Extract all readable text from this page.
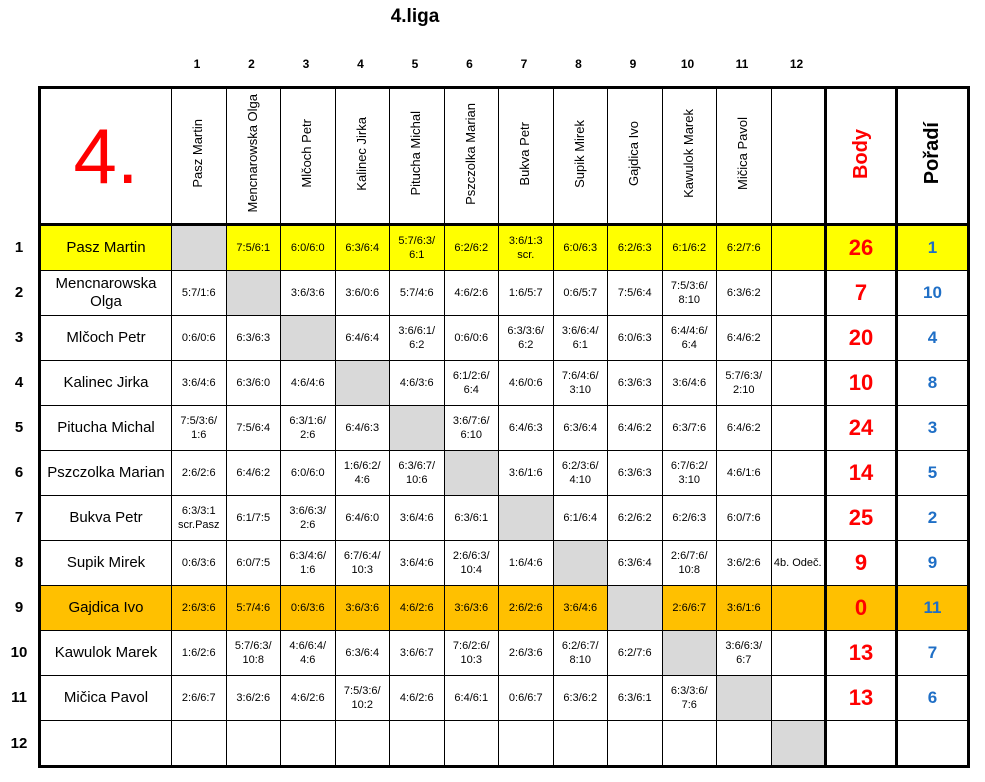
4.liga
1	2	3	4	5	6	7	8	9	10	11	12
1
2
3
4
5
6
7
8
9
10
11
12
4.	Pasz Martin	Mencnarowska Olga	Mlčoch Petr	Kalinec Jirka	Pitucha Michal	Pszczolka Marian	Bukva Petr	Supik Mirek	Gajdica Ivo	Kawulok Marek	Mičica Pavol		Body	Pořadí
Pasz Martin		7:5/6:1	6:0/6:0	6:3/6:4	5:7/6:3/ 6:1	6:2/6:2	3:6/1:3 scr.	6:0/6:3	6:2/6:3	6:1/6:2	6:2/7:6		26	1
Mencnarowska Olga	5:7/1:6		3:6/3:6	3:6/0:6	5:7/4:6	4:6/2:6	1:6/5:7	0:6/5:7	7:5/6:4	7:5/3:6/ 8:10	6:3/6:2		7	10
Mlčoch Petr	0:6/0:6	6:3/6:3		6:4/6:4	3:6/6:1/ 6:2	0:6/0:6	6:3/3:6/ 6:2	3:6/6:4/ 6:1	6:0/6:3	6:4/4:6/ 6:4	6:4/6:2		20	4
Kalinec Jirka	3:6/4:6	6:3/6:0	4:6/4:6		4:6/3:6	6:1/2:6/ 6:4	4:6/0:6	7:6/4:6/ 3:10	6:3/6:3	3:6/4:6	5:7/6:3/ 2:10		10	8
Pitucha Michal	7:5/3:6/ 1:6	7:5/6:4	6:3/1:6/ 2:6	6:4/6:3		3:6/7:6/ 6:10	6:4/6:3	6:3/6:4	6:4/6:2	6:3/7:6	6:4/6:2		24	3
Pszczolka Marian	2:6/2:6	6:4/6:2	6:0/6:0	1:6/6:2/ 4:6	6:3/6:7/ 10:6		3:6/1:6	6:2/3:6/ 4:10	6:3/6:3	6:7/6:2/ 3:10	4:6/1:6		14	5
Bukva Petr	6:3/3:1 scr.Pasz	6:1/7:5	3:6/6:3/ 2:6	6:4/6:0	3:6/4:6	6:3/6:1		6:1/6:4	6:2/6:2	6:2/6:3	6:0/7:6		25	2
Supik Mirek	0:6/3:6	6:0/7:5	6:3/4:6/ 1:6	6:7/6:4/ 10:3	3:6/4:6	2:6/6:3/ 10:4	1:6/4:6		6:3/6:4	2:6/7:6/ 10:8	3:6/2:6	4b. Odeč.	9	9
Gajdica Ivo	2:6/3:6	5:7/4:6	0:6/3:6	3:6/3:6	4:6/2:6	3:6/3:6	2:6/2:6	3:6/4:6		2:6/6:7	3:6/1:6		0	11
Kawulok Marek	1:6/2:6	5:7/6:3/ 10:8	4:6/6:4/ 4:6	6:3/6:4	3:6/6:7	7:6/2:6/ 10:3	2:6/3:6	6:2/6:7/ 8:10	6:2/7:6		3:6/6:3/ 6:7		13	7
Mičica Pavol	2:6/6:7	3:6/2:6	4:6/2:6	7:5/3:6/ 10:2	4:6/2:6	6:4/6:1	0:6/6:7	6:3/6:2	6:3/6:1	6:3/3:6/ 7:6			13	6
